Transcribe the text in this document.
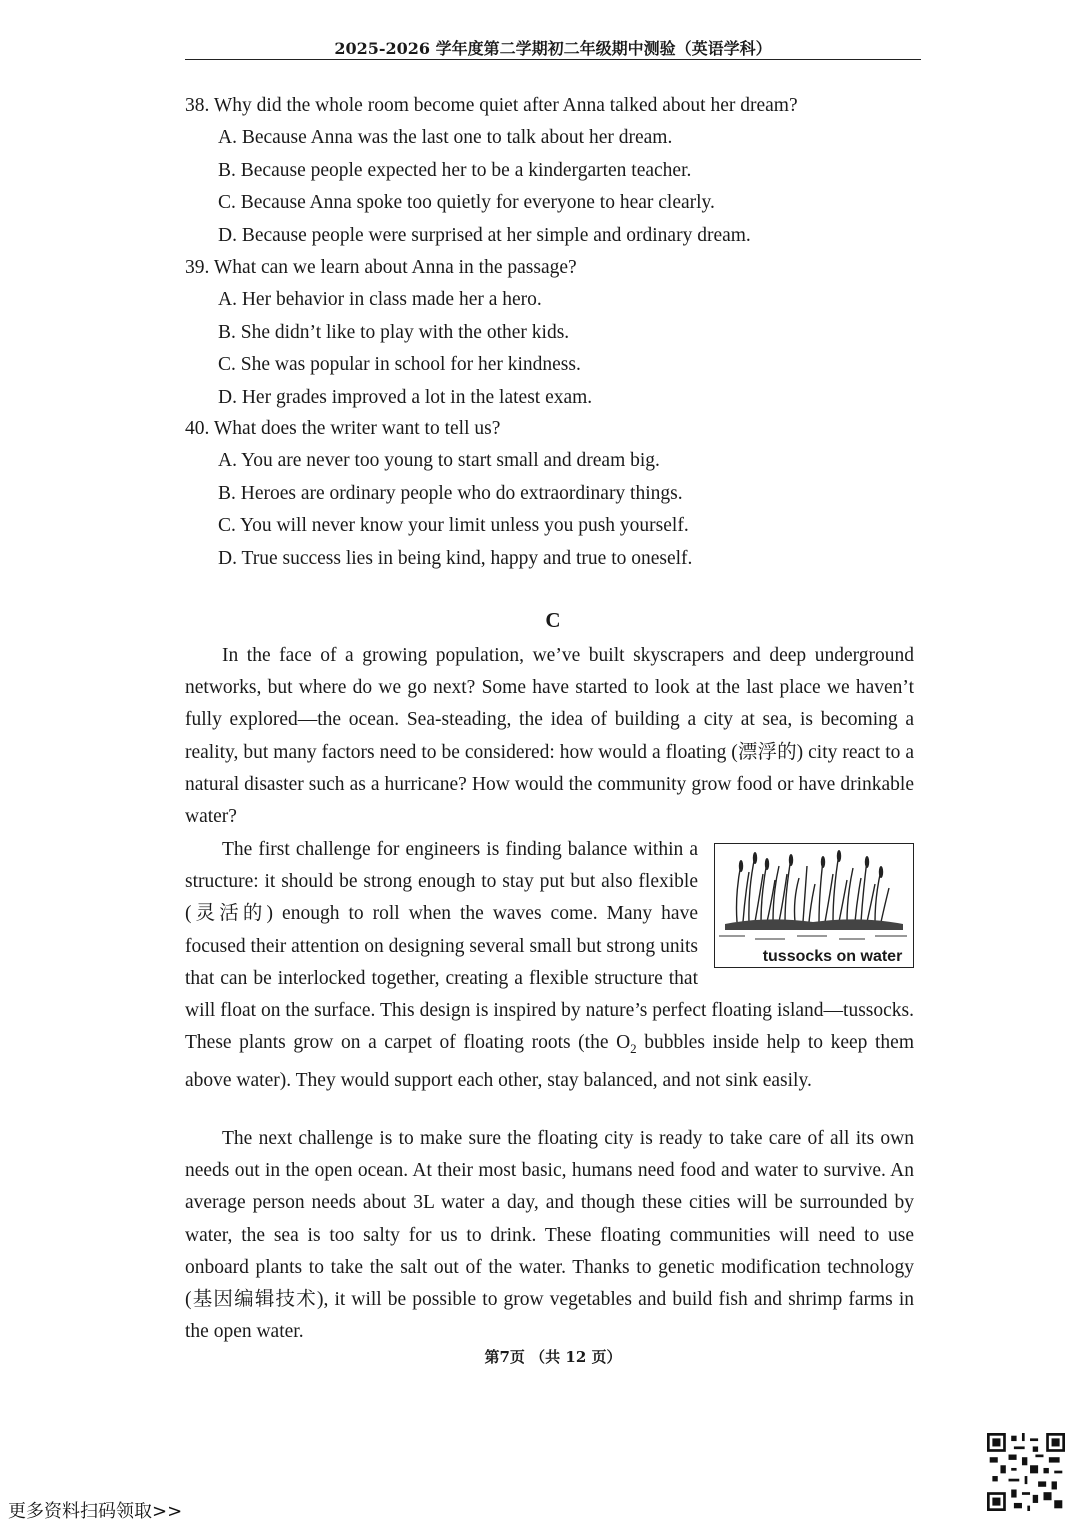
2025-2026 学年度第二学期初二年级期中测验（英语学科）
38. Why did the whole room become quiet after Anna talked about her dream?
A. Because Anna was the last one to talk about her dream.
B. Because people expected her to be a kindergarten teacher.
C. Because Anna spoke too quietly for everyone to hear clearly.
D. Because people were surprised at her simple and ordinary dream.
39. What can we learn about Anna in the passage?
A. Her behavior in class made her a hero.
B. She didn’t like to play with the other kids.
C. She was popular in school for her kindness.
D. Her grades improved a lot in the latest exam.
40. What does the writer want to tell us?
A. You are never too young to start small and dream big.
B. Heroes are ordinary people who do extraordinary things.
C. You will never know your limit unless you push yourself.
D. True success lies in being kind, happy and true to oneself.
C

In the face of a growing population, we’ve built skyscrapers and deep underground networks, but where do we go next? Some have started to look at the last place we haven’t fully explored—the ocean. Sea-steading, the idea of building a city at sea, is becoming a reality, but many factors need to be considered: how would a floating (漂浮的) city react to a natural disaster such as a hurricane? How would the community grow food or have drinkable water?

tussocks on water
The first challenge for engineers is finding balance within a structure: it should be strong enough to stay put but also flexible (灵活的) enough to roll when the waves come. Many have focused their attention on designing several small but strong units that can be interlocked together, creating a flexible structure that will float on the surface. This design is inspired by nature’s perfect floating island—tussocks. These plants grow on a carpet of floating roots (the $O_2$ bubbles inside help to keep them above water). They would support each other, stay balanced, and not sink easily.

The next challenge is to make sure the floating city is ready to take care of all its own needs out in the open ocean. At their most basic, humans need food and water to survive. An average person needs about 3L water a day, and though these cities will be surrounded by water, the sea is too salty for us to drink. These floating communities will need to use onboard plants to take the salt out of the water. Thanks to genetic modification technology (基因编辑技术), it will be possible to grow vegetables and build fish and shrimp farms in the open water.

第7页 （共 12 页）
更多资料扫码领取>>
